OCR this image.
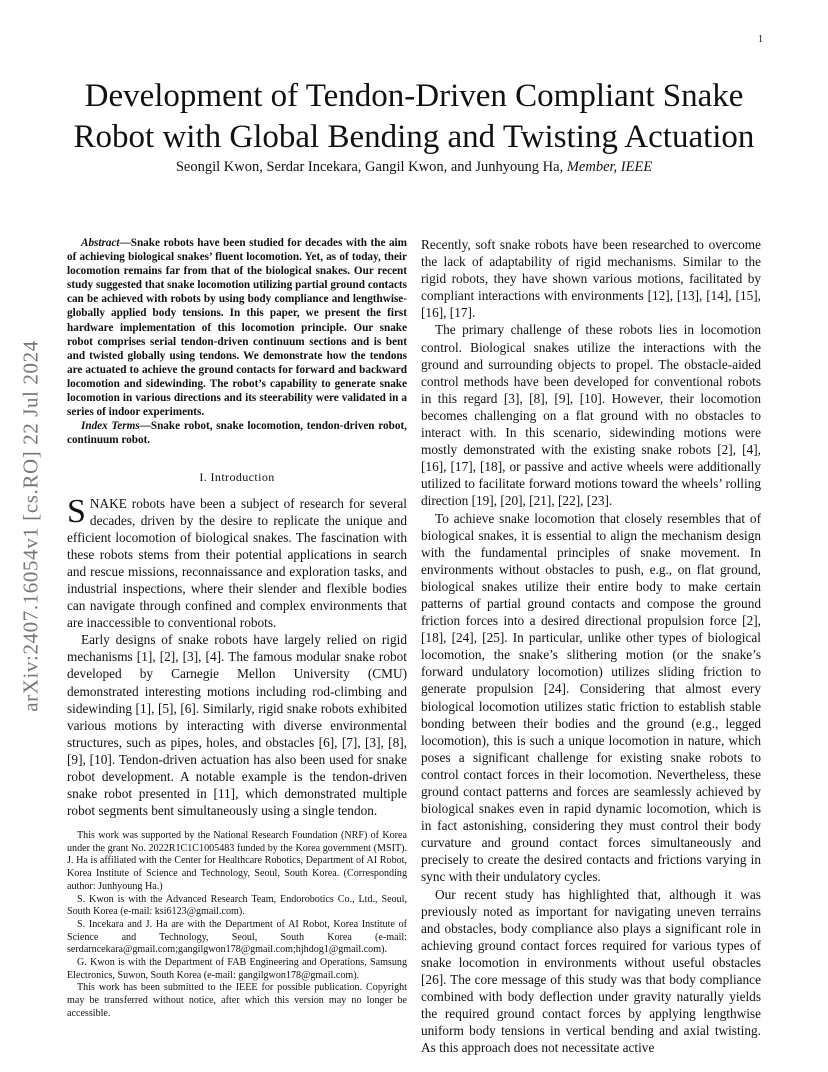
1
arXiv:2407.16054v1 [cs.RO] 22 Jul 2024
Development of Tendon-Driven Compliant Snake Robot with Global Bending and Twisting Actuation
Seongil Kwon, Serdar Incekara, Gangil Kwon, and Junhyoung Ha, Member, IEEE

Abstract—Snake robots have been studied for decades with the aim of achieving biological snakes’ fluent locomotion. Yet, as of today, their locomotion remains far from that of the biological snakes. Our recent study suggested that snake locomotion utilizing partial ground contacts can be achieved with robots by using body compliance and lengthwise-globally applied body tensions. In this paper, we present the first hardware implementation of this locomotion principle. Our snake robot comprises serial tendon-driven continuum sections and is bent and twisted globally using tendons. We demonstrate how the tendons are actuated to achieve the ground contacts for forward and backward locomotion and sidewinding. The robot’s capability to generate snake locomotion in various directions and its steerability were validated in a series of indoor experiments.

Index Terms—Snake robot, snake locomotion, tendon-driven robot, continuum robot.

I. Introduction

SNAKE robots have been a subject of research for several decades, driven by the desire to replicate the unique and efficient locomotion of biological snakes. The fascination with these robots stems from their potential applications in search and rescue missions, reconnaissance and exploration tasks, and industrial inspections, where their slender and flexible bodies can navigate through confined and complex environments that are inaccessible to conventional robots.

Early designs of snake robots have largely relied on rigid mechanisms [1], [2], [3], [4]. The famous modular snake robot developed by Carnegie Mellon University (CMU) demonstrated interesting motions including rod-climbing and sidewinding [1], [5], [6]. Similarly, rigid snake robots exhibited various motions by interacting with diverse environmental structures, such as pipes, holes, and obstacles [6], [7], [3], [8], [9], [10]. Tendon-driven actuation has also been used for snake robot development. A notable example is the tendon-driven snake robot presented in [11], which demonstrated multiple robot segments bent simultaneously using a single tendon.

This work was supported by the National Research Foundation (NRF) of Korea under the grant No. 2022R1C1C1005483 funded by the Korea government (MSIT). J. Ha is affiliated with the Center for Healthcare Robotics, Department of AI Robot, Korea Institute of Science and Technology, Seoul, South Korea. (Corresponding author: Junhyoung Ha.)

S. Kwon is with the Advanced Research Team, Endorobotics Co., Ltd., Seoul, South Korea (e-mail: ksi6123@gmail.com).

S. Incekara and J. Ha are with the Department of AI Robot, Korea Institute of Science and Technology, Seoul, South Korea (e-mail: serdarncekara@gmail.com;gangilgwon178@gmail.com;hjhdog1@gmail.com).

G. Kwon is with the Department of FAB Engineering and Operations, Samsung Electronics, Suwon, South Korea (e-mail: gangilgwon178@gmail.com).

This work has been submitted to the IEEE for possible publication. Copyright may be transferred without notice, after which this version may no longer be accessible.

Recently, soft snake robots have been researched to overcome the lack of adaptability of rigid mechanisms. Similar to the rigid robots, they have shown various motions, facilitated by compliant interactions with environments [12], [13], [14], [15], [16], [17].

The primary challenge of these robots lies in locomotion control. Biological snakes utilize the interactions with the ground and surrounding objects to propel. The obstacle-aided control methods have been developed for conventional robots in this regard [3], [8], [9], [10]. However, their locomotion becomes challenging on a flat ground with no obstacles to interact with. In this scenario, sidewinding motions were mostly demonstrated with the existing snake robots [2], [4], [16], [17], [18], or passive and active wheels were additionally utilized to facilitate forward motions toward the wheels’ rolling direction [19], [20], [21], [22], [23].

To achieve snake locomotion that closely resembles that of biological snakes, it is essential to align the mechanism design with the fundamental principles of snake movement. In environments without obstacles to push, e.g., on flat ground, biological snakes utilize their entire body to make certain patterns of partial ground contacts and compose the ground friction forces into a desired directional propulsion force [2], [18], [24], [25]. In particular, unlike other types of biological locomotion, the snake’s slithering motion (or the snake’s forward undulatory locomotion) utilizes sliding friction to generate propulsion [24]. Considering that almost every biological locomotion utilizes static friction to establish stable bonding between their bodies and the ground (e.g., legged locomotion), this is such a unique locomotion in nature, which poses a significant challenge for existing snake robots to control contact forces in their locomotion. Nevertheless, these ground contact patterns and forces are seamlessly achieved by biological snakes even in rapid dynamic locomotion, which is in fact astonishing, considering they must control their body curvature and ground contact forces simultaneously and precisely to create the desired contacts and frictions varying in sync with their undulatory cycles.

Our recent study has highlighted that, although it was previously noted as important for navigating uneven terrains and obstacles, body compliance also plays a significant role in achieving ground contact forces required for various types of snake locomotion in environments without useful obstacles [26]. The core message of this study was that body compliance combined with body deflection under gravity naturally yields the required ground contact forces by applying lengthwise uniform body tensions in vertical bending and axial twisting. As this approach does not necessitate active
